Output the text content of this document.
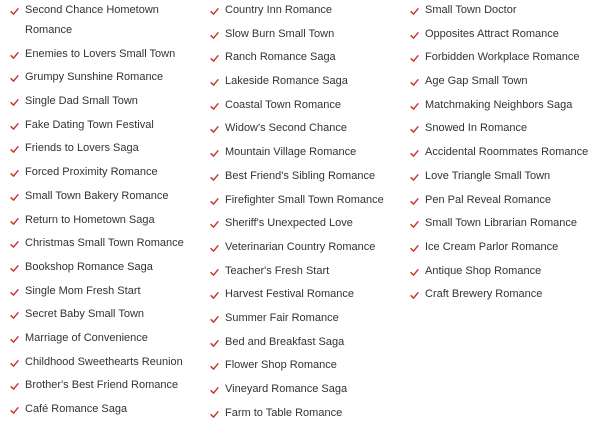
Second Chance Hometown Romance
Enemies to Lovers Small Town
Grumpy Sunshine Romance
Single Dad Small Town
Fake Dating Town Festival
Friends to Lovers Saga
Forced Proximity Romance
Small Town Bakery Romance
Return to Hometown Saga
Christmas Small Town Romance
Bookshop Romance Saga
Single Mom Fresh Start
Secret Baby Small Town
Marriage of Convenience
Childhood Sweethearts Reunion
Brother's Best Friend Romance
Café Romance Saga
Country Inn Romance
Slow Burn Small Town
Ranch Romance Saga
Lakeside Romance Saga
Coastal Town Romance
Widow's Second Chance
Mountain Village Romance
Best Friend's Sibling Romance
Firefighter Small Town Romance
Sheriff's Unexpected Love
Veterinarian Country Romance
Teacher's Fresh Start
Harvest Festival Romance
Summer Fair Romance
Bed and Breakfast Saga
Flower Shop Romance
Vineyard Romance Saga
Farm to Table Romance
Small Town Doctor
Opposites Attract Romance
Forbidden Workplace Romance
Age Gap Small Town
Matchmaking Neighbors Saga
Snowed In Romance
Accidental Roommates Romance
Love Triangle Small Town
Pen Pal Reveal Romance
Small Town Librarian Romance
Ice Cream Parlor Romance
Antique Shop Romance
Craft Brewery Romance
